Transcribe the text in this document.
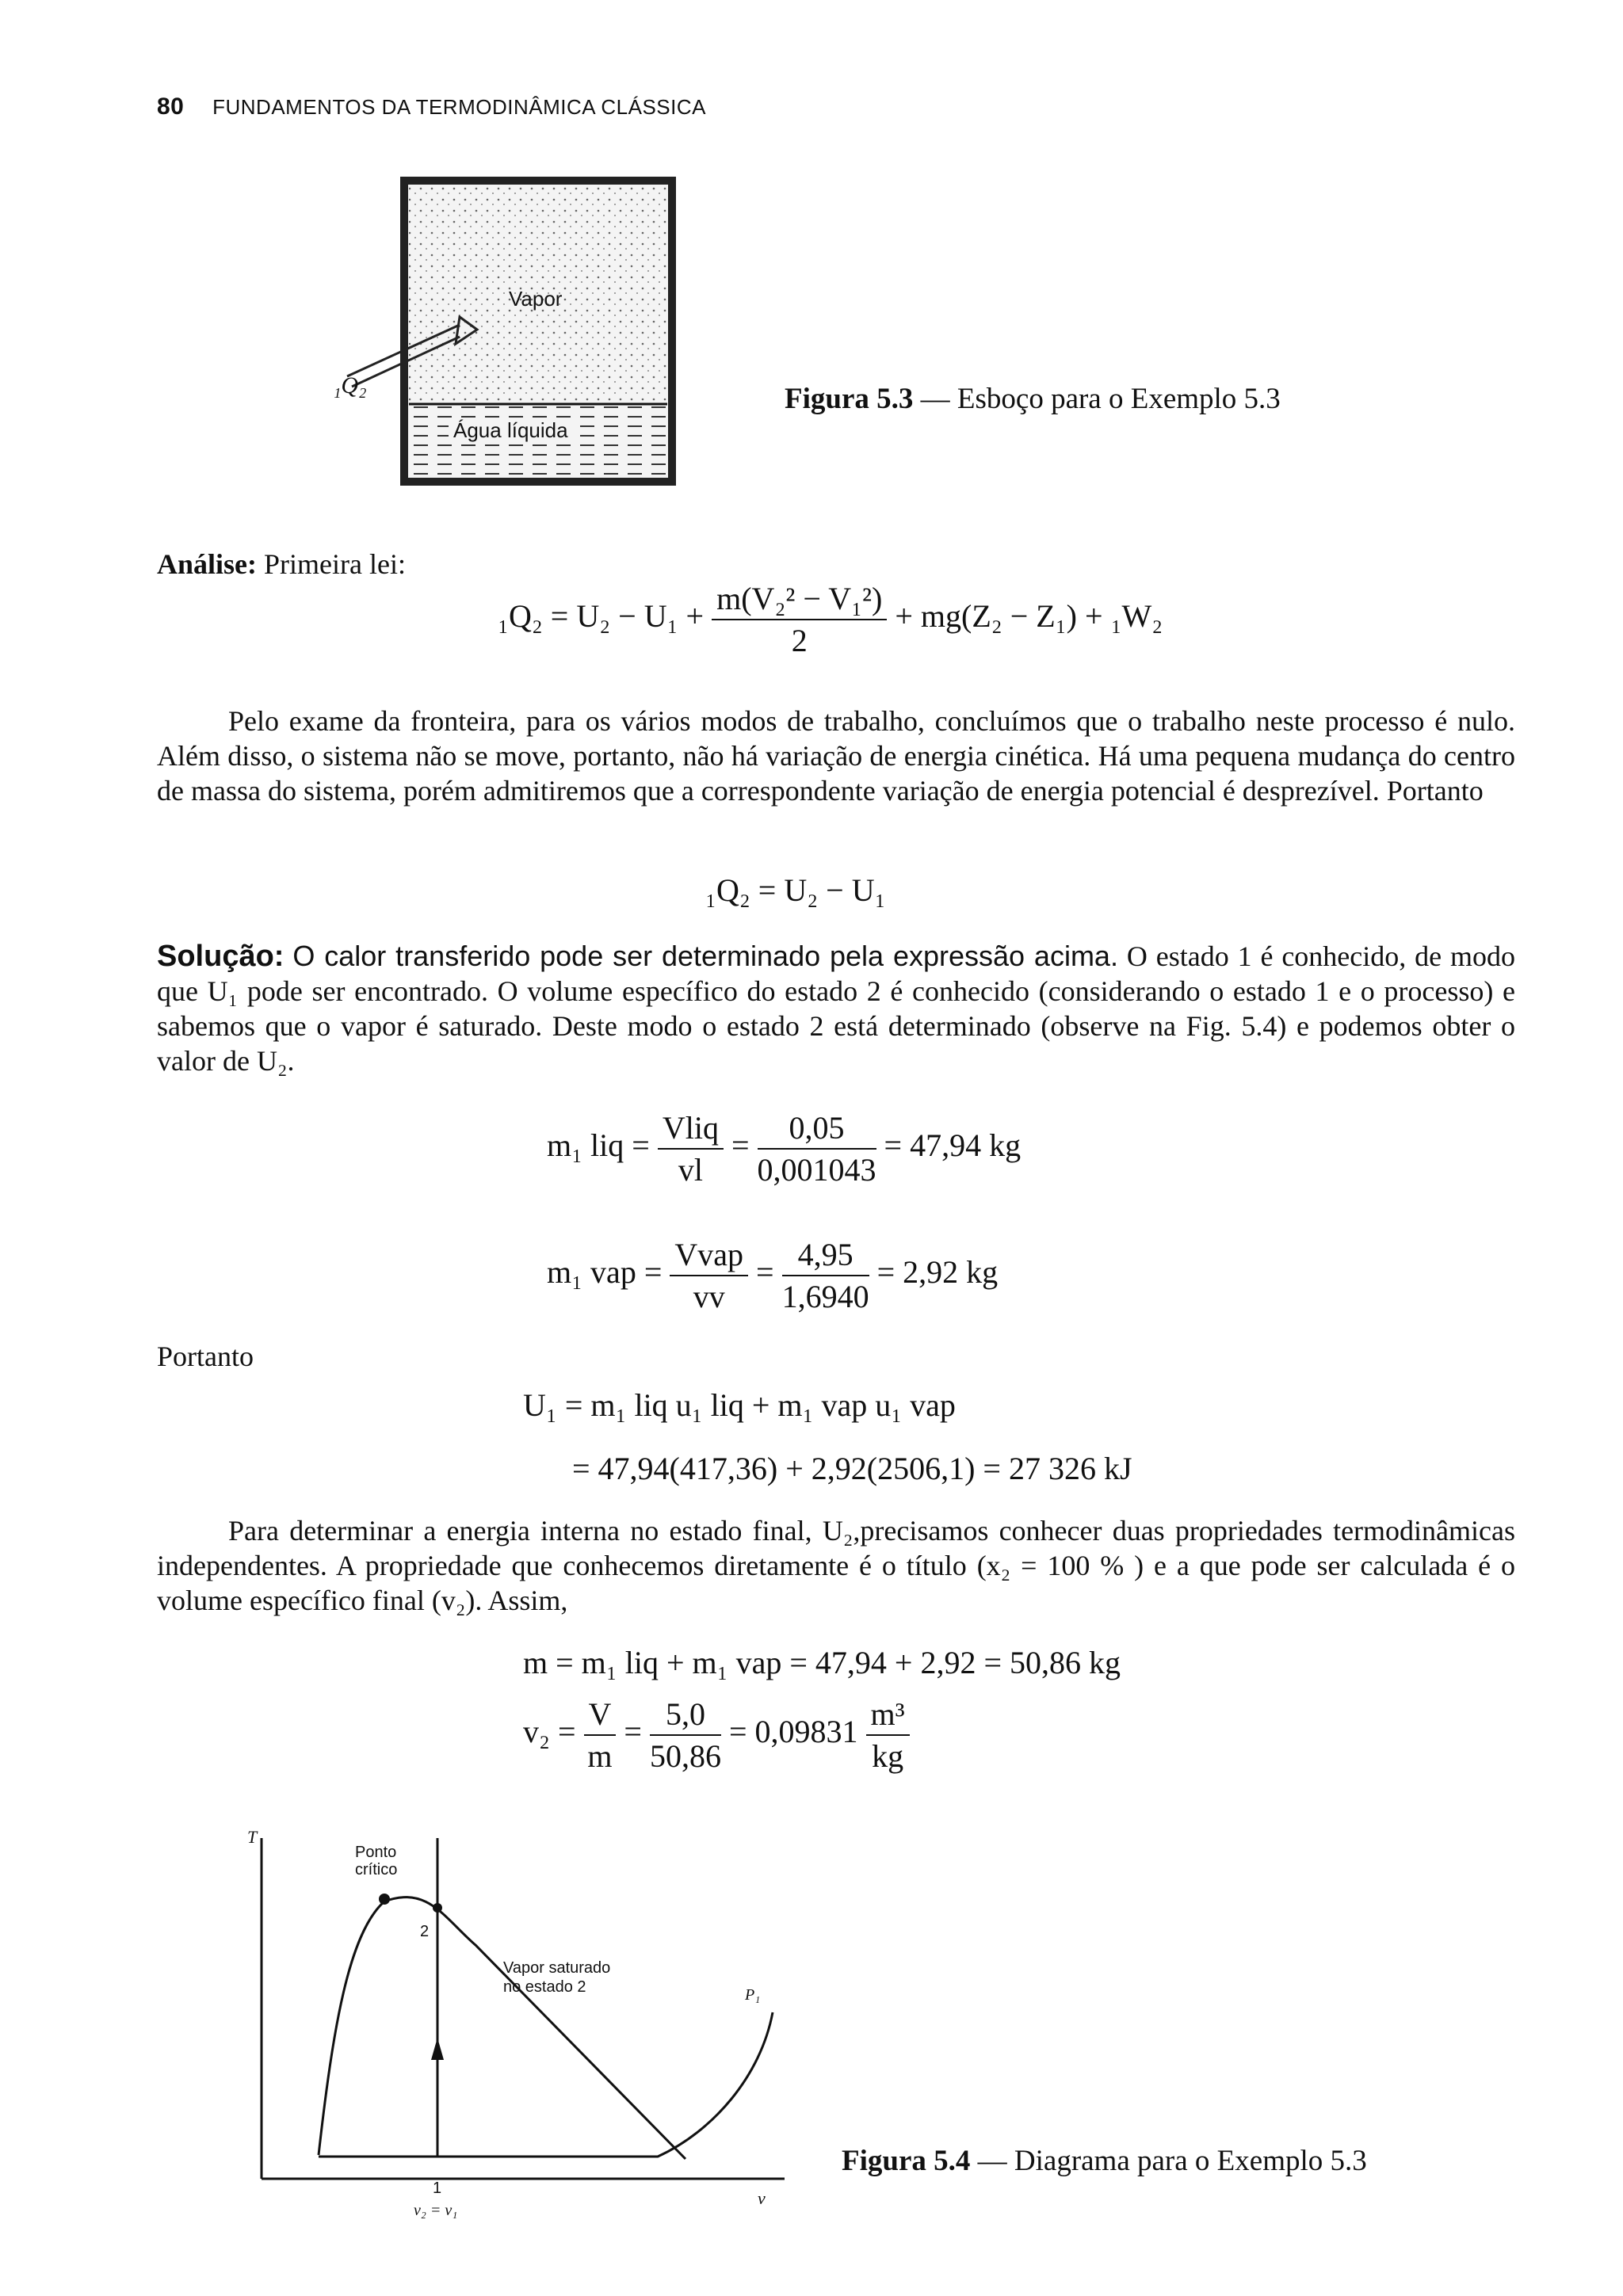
80 FUNDAMENTOS DA TERMODINÂMICA CLÁSSICA
Vapor
Água líquida
₁Q₂	Figura 5.3 — Esboço para o Exemplo 5.3
Análise: Primeira lei:
$_1Q_2 = U_2 - U_1 + \frac{\text{m(V₂² − V₁²)}}{2} + mg(Z_2 - Z_1) + _1W_2$
Pelo exame da fronteira, para os vários modos de trabalho, concluímos que o trabalho neste processo é nulo. Além disso, o sistema não se move, portanto, não há variação de energia cinética. Há uma pequena mudança do centro de massa do sistema, porém admitiremos que a correspondente variação de energia potencial é desprezível. Portanto
₁Q₂ = U₂ − U₁
Solução: O calor transferido pode ser determinado pela expressão acima. O estado 1 é conhecido, de modo que U₁ pode ser encontrado. O volume específico do estado 2 é conhecido (considerando o estado 1 e o processo) e sabemos que o vapor é saturado. Deste modo o estado 2 está determinado (observe na Fig. 5.4) e podemos obter o valor de U₂.
m₁ liq = $\frac{\text{Vliq}}{vl} = \frac{0,05}{0,001043} = 47,94$ kg
m₁ vap = $\frac{\text{Vvap}}{vv} = \frac{4,95}{1,6940} = 2,92$ kg
Portanto
U₁ = m₁ liq u₁ liq + m₁ vap u₁ vap
= 47,94(417,36) + 2,92(2506,1) = 27 326 kJ
Para determinar a energia interna no estado final, U₂,precisamos conhecer duas propriedades termodinâmicas independentes. A propriedade que conhecemos diretamente é o título (x₂ = 100 % ) e a que pode ser calculada é o volume específico final (v₂). Assim,
m = m₁ liq + m₁ vap = 47,94 + 2,92 = 50,86 kg
$v_2 = \frac{V}{m} = \frac{5,0}{50,86} = 0,09831 \frac{\text{m³}}{kg}$
T
v
Ponto
crítico
Vapor saturado
no estado 2
2
1
P₁
v₂ = v₁
Figura 5.4 — Diagrama para o Exemplo 5.3
